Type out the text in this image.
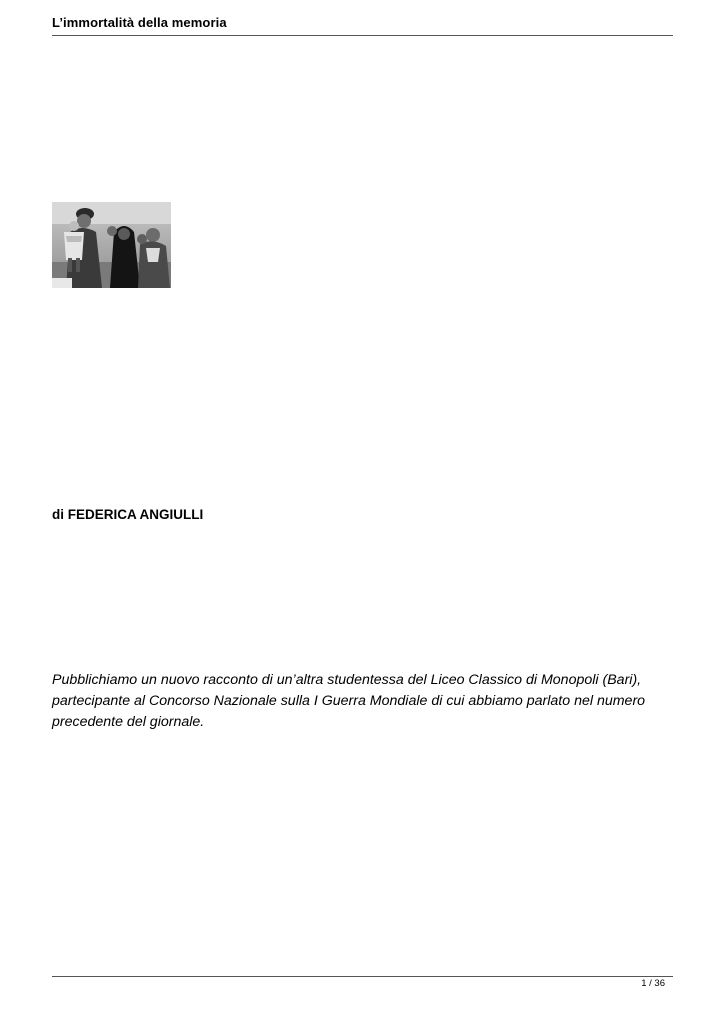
L’immortalità della memoria
di FEDERICA ANGIULLI
Pubblichiamo un nuovo racconto di un’altra studentessa del Liceo Classico di Monopoli (Bari), partecipante al Concorso Nazionale sulla I Guerra Mondiale di cui abbiamo parlato nel numero precedente del giornale.
1 / 36
